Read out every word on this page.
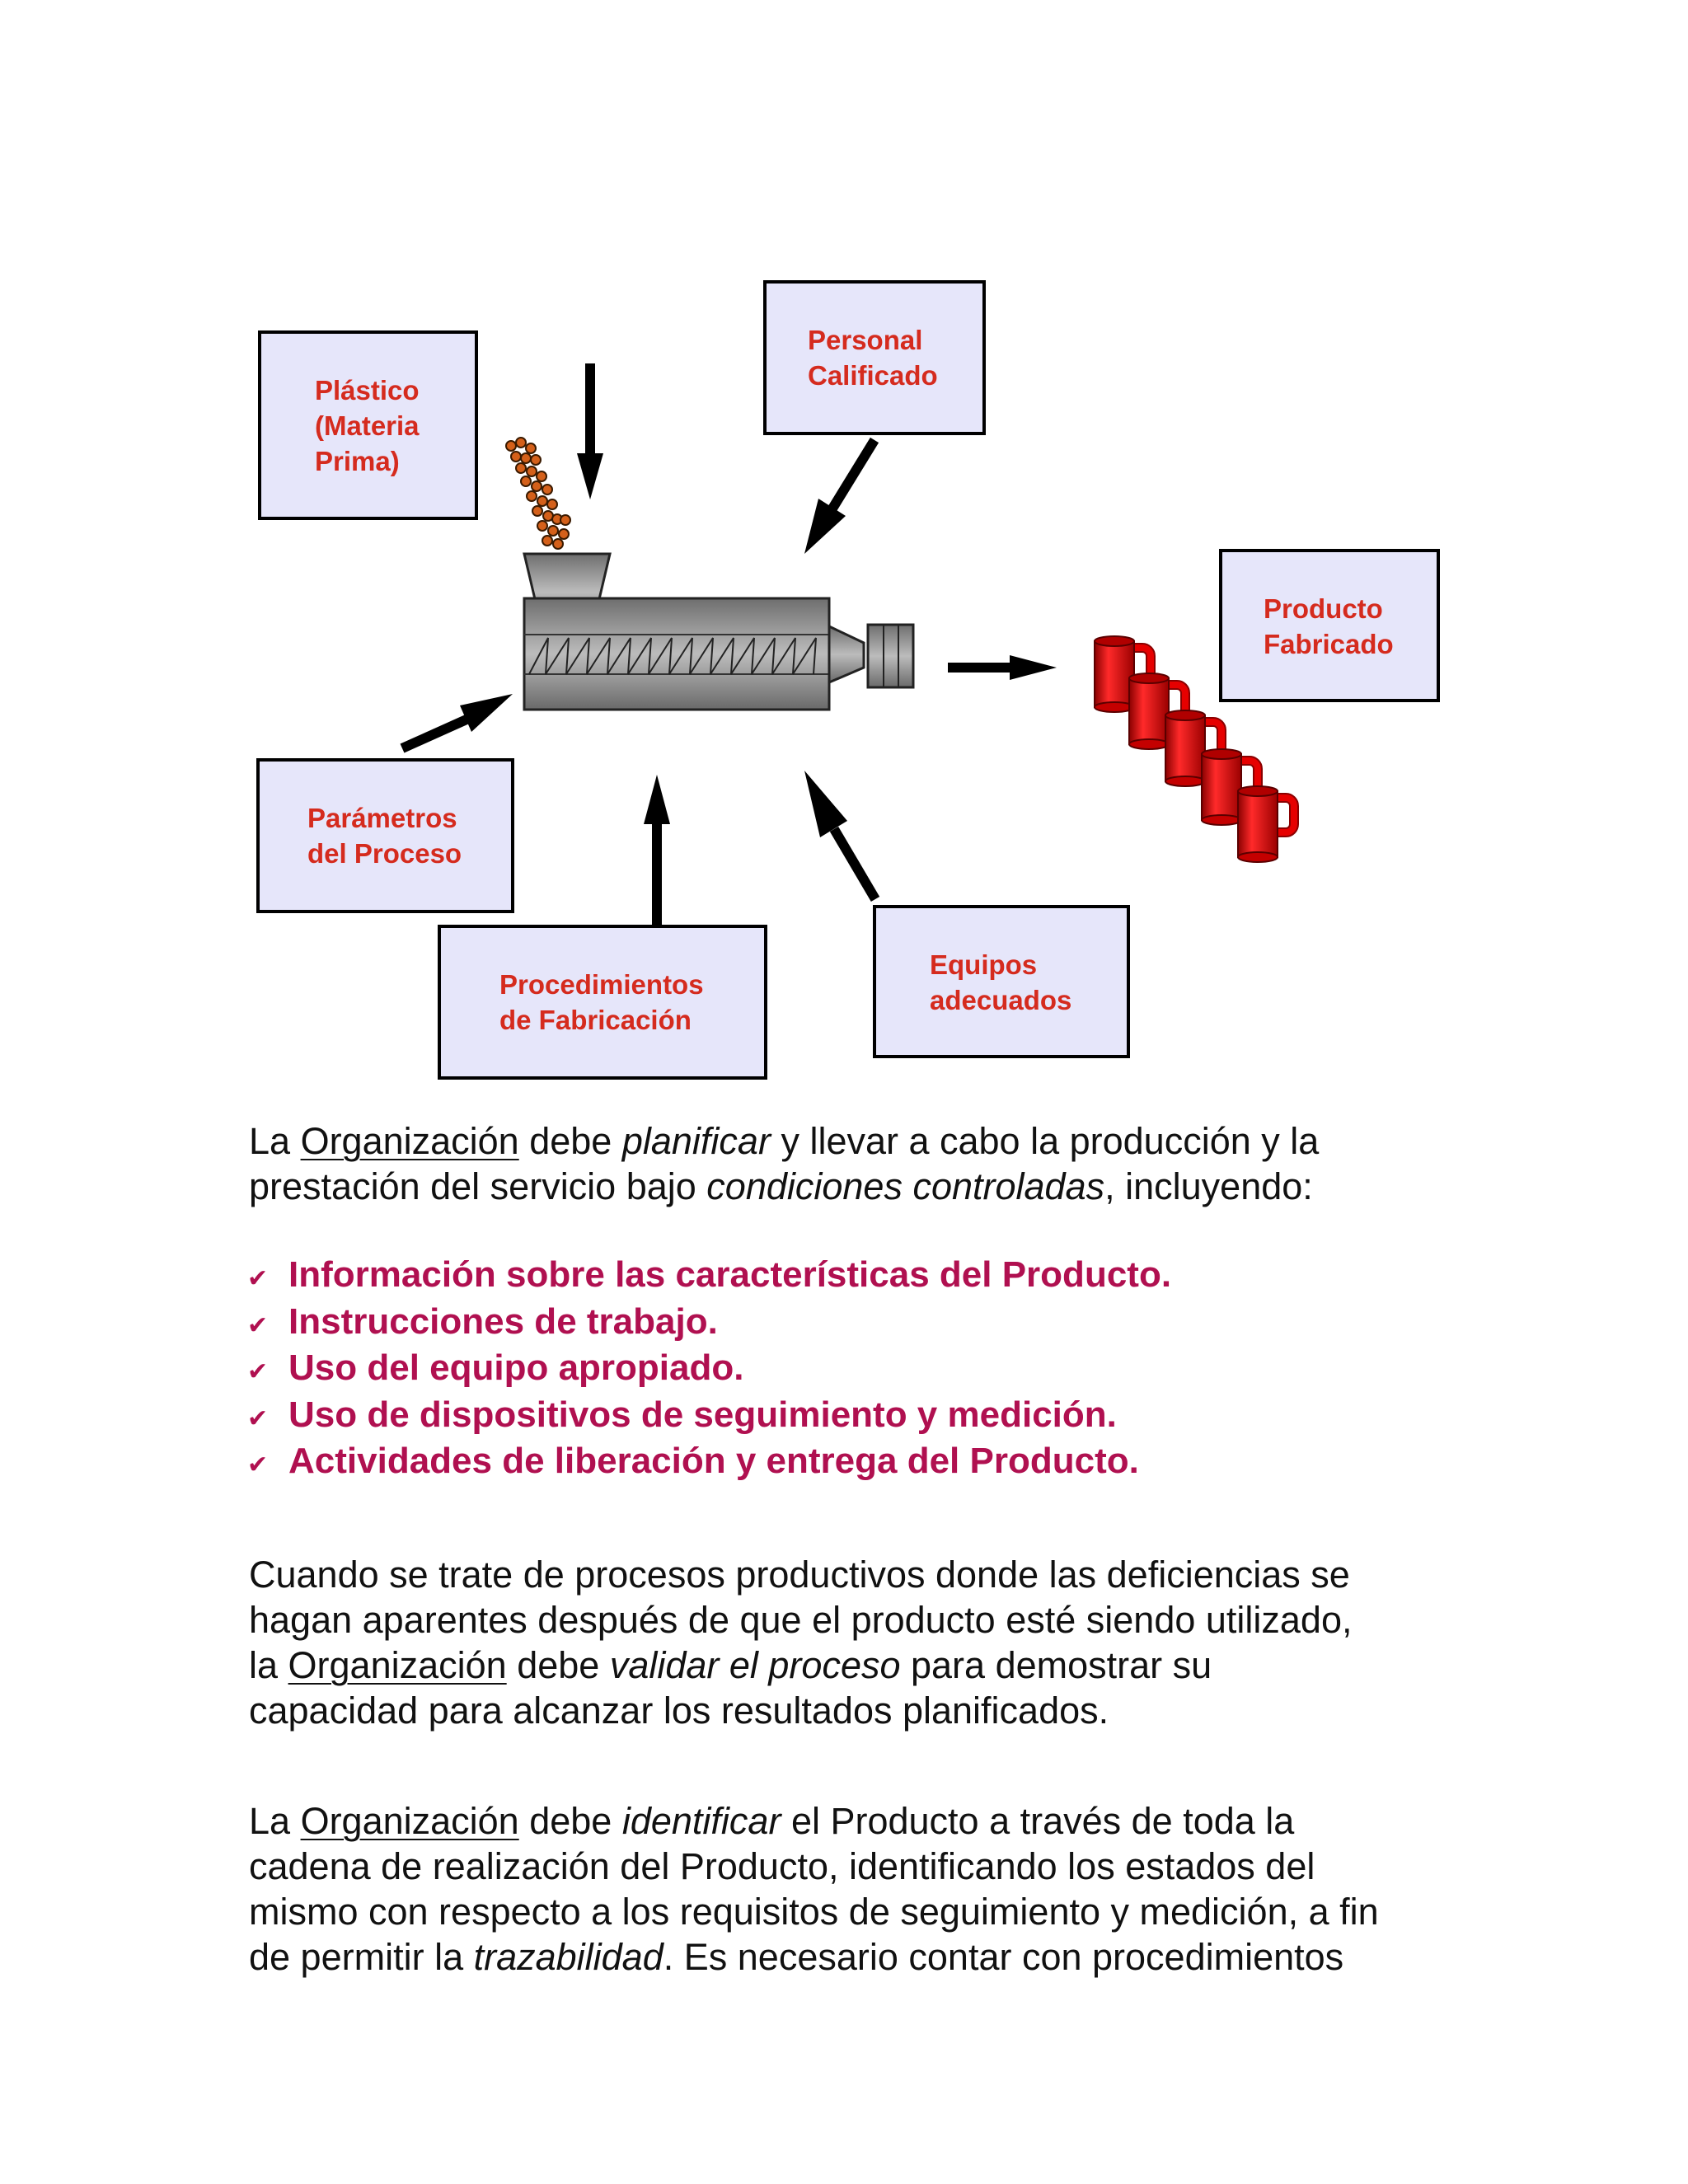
Plástico (Materia Prima)
Personal Calificado
Producto Fabricado
Parámetros del Proceso
Procedimientos de Fabricación
Equipos adecuados
La Organización debe planificar y llevar a cabo la producción y la
prestación del servicio bajo condiciones controladas, incluyendo:
✔ Información sobre las características del Producto.
✔ Instrucciones de trabajo.
✔ Uso del equipo apropiado.
✔ Uso de dispositivos de seguimiento y medición.
✔ Actividades de liberación y entrega del Producto.
Cuando se trate de procesos productivos donde las deficiencias se
hagan aparentes después de que el producto esté siendo utilizado,
la Organización debe validar el proceso para demostrar su
capacidad para alcanzar los resultados planificados.
La Organización debe identificar el Producto a través de toda la
cadena de realización del Producto, identificando los estados del
mismo con respecto a los requisitos de seguimiento y medición, a fin
de permitir la trazabilidad. Es necesario contar con procedimientos
